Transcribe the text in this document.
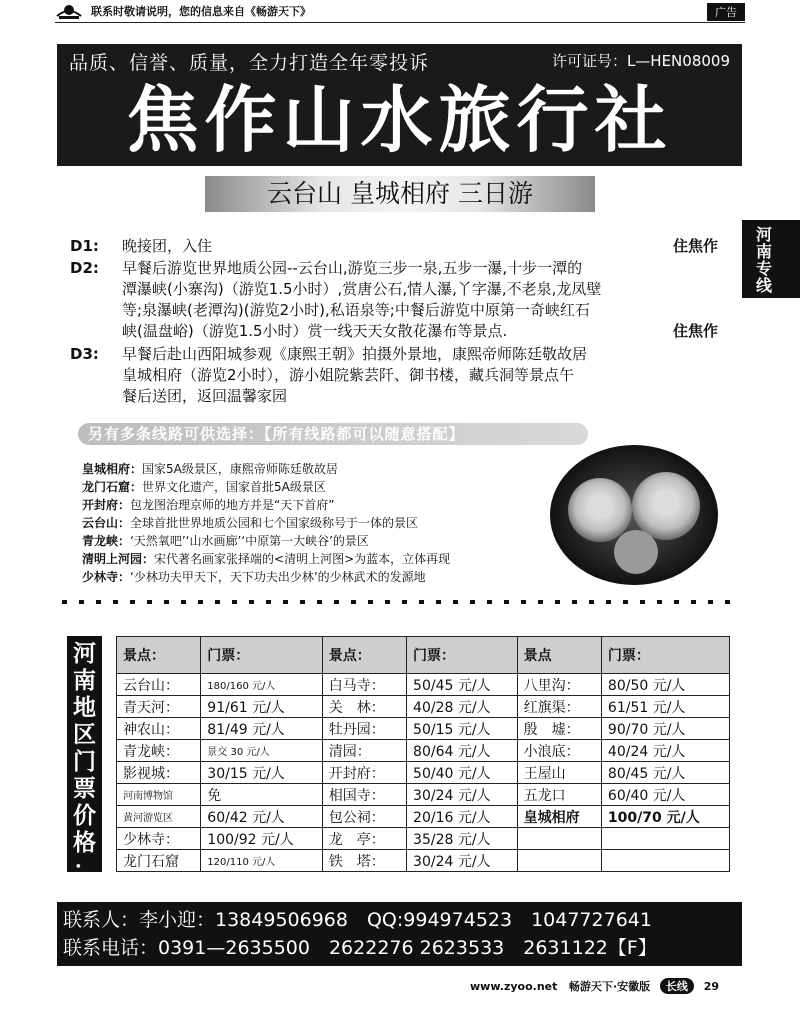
联系时敬请说明，您的信息来自《畅游天下》	广告
品质、信誉、质量，全力打造全年零投诉	许可证号：L—HEN08009
焦作山水旅行社
云台山 皇城相府 三日游
河南专线
D1: 晚接团，入住	住焦作
D2: 早餐后游览世界地质公园--云台山,游览三步一泉,五步一瀑,十步一潭的
潭瀑峡(小寨沟)（游览1.5小时）,赏唐公石,情人瀑,丫字瀑,不老泉,龙凤壁
等;泉瀑峡(老潭沟)(游览2小时),私语泉等;中餐后游览中原第一奇峡红石
峡(温盘峪)（游览1.5小时）赏一线天天女散花瀑布等景点.	住焦作
D3: 早餐后赴山西阳城参观《康熙王朝》拍摄外景地，康熙帝师陈廷敬故居
皇城相府（游览2小时），游小姐院紫芸阡、御书楼，藏兵洞等景点午
餐后送团，返回温馨家园
另有多条线路可供选择：【所有线路都可以随意搭配】
皇城相府：国家5A级景区，康熙帝师陈廷敬故居
龙门石窟：世界文化遗产，国家首批5A级景区
开封府：包龙图治理京师的地方并是“天下首府”
云台山：全球首批世界地质公园和七个国家级称号于一体的景区
青龙峡：‘天然氧吧’‘山水画廊’‘中原第一大峡谷’的景区
清明上河园：宋代著名画家张择端的<清明上河图>为蓝本，立体再现
少林寺：‘少林功夫甲天下，天下功夫出少林’的少林武术的发源地
河
南
地
区
门
票
价
格
：
景点：	门票：	景点：	门票：	景点	门票：
云台山：	180/160 元/人	白马寺：	50/45 元/人	八里沟：	80/50 元/人
青天河：	91/61 元/人	关　林：	40/28 元/人	红旗渠：	61/51 元/人
神农山：	81/49 元/人	牡丹园：	50/15 元/人	殷　墟：	90/70 元/人
青龙峡：	景交 30 元/人	清园：	80/64 元/人	小浪底：	40/24 元/人
影视城：	30/15 元/人	开封府：	50/40 元/人	王屋山	80/45 元/人
河南博物馆	免	相国寺：	30/24 元/人	五龙口	60/40 元/人
黄河游览区	60/42 元/人	包公祠：	20/16 元/人	皇城相府	100/70 元/人
少林寺：	100/92 元/人	龙　亭：	35/28 元/人		
龙门石窟	120/110 元/人	铁　塔：	30/24 元/人		
联系人：李小迎：13849506968　QQ:994974523　1047727641
联系电话：0391—2635500　2622276 2623533　2631122【F】
www.zyoo.net 畅游天下·安徽版 长线 29
